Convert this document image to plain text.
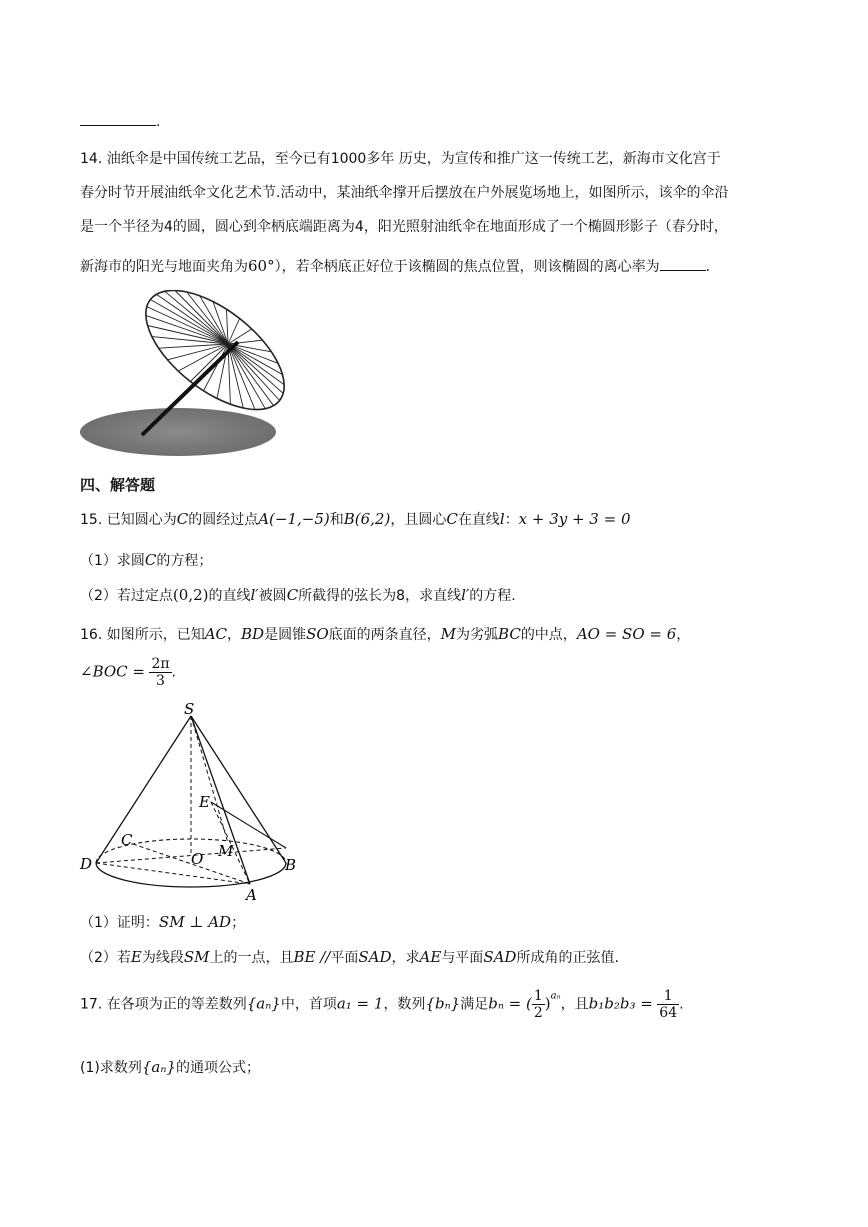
.
14. 油纸伞是中国传统工艺品，至今已有1000多年 历史，为宣传和推广这一传统工艺，新海市文化宫于
春分时节开展油纸伞文化艺术节.活动中，某油纸伞撑开后摆放在户外展览场地上，如图所示，该伞的伞沿
是一个半径为4的圆，圆心到伞柄底端距离为4，阳光照射油纸伞在地面形成了一个椭圆形影子（春分时，
新海市的阳光与地面夹角为60°），若伞柄底正好位于该椭圆的焦点位置，则该椭圆的离心率为	.
四、解答题
15. 已知圆心为C的圆经过点A(−1,−5)和B(6,2)，且圆心C在直线l：x + 3y + 3 = 0
（1）求圆C的方程；
（2）若过定点(0,2)的直线l′被圆C所截得的弦长为8，求直线l′的方程.
16. 如图所示，已知AC，BD是圆锥SO底面的两条直径，M为劣弧BC的中点，AO = SO = 6，
∠BOC = $\frac{2\pi}{3}$ .
S
E
C
M
O
D	B
A
（1）证明：SM ⊥ AD；
（2）若E为线段SM上的一点，且BE //平面SAD，求AE与平面SAD所成角的正弦值.
17. 在各项为正的等差数列{aₙ}中，首项a₁ = 1，数列{bₙ}满足bₙ = ( $\frac{1}{2} )^{a_n}$，且$b_1b_2b_3 = \frac{1}{64}$ .
(1)求数列{aₙ}的通项公式；
